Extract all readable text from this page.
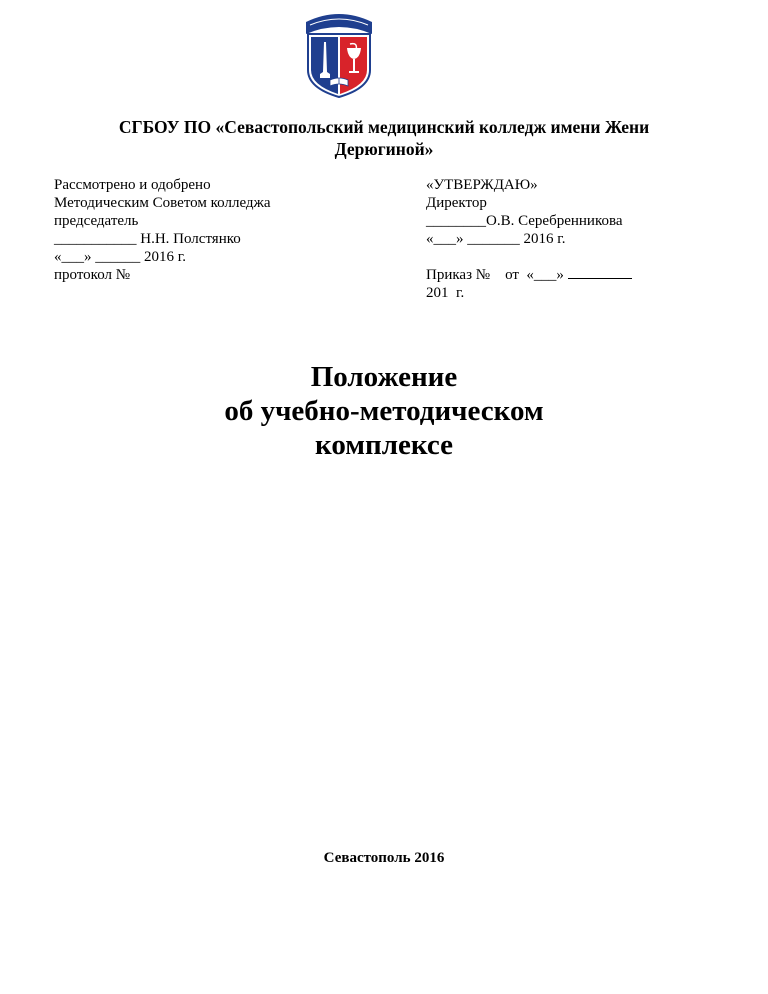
СГБОУ ПО «Севастопольский медицинский колледж имени Жени
Дерюгиной»
Рассмотрено и одобрено
Методическим Советом колледжа
председатель
___________ Н.Н. Полстянко
«___» ______ 2016 г.
протокол №
«УТВЕРЖДАЮ»
Директор
________О.В. Серебренникова
«___» _______ 2016 г.
Приказ №    от  «___»
201  г.
Положение
об учебно-методическом
комплексе
Севастополь 2016
